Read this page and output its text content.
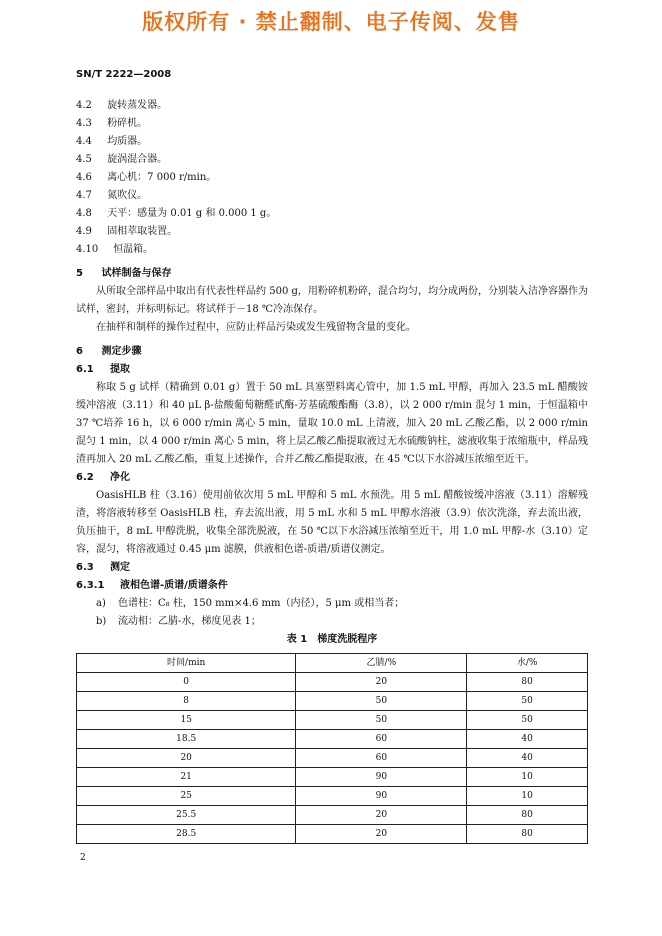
版权所有 · 禁止翻制、电子传阅、发售
SN/T 2222—2008
4.2 旋转蒸发器。
4.3 粉碎机。
4.4 均质器。
4.5 旋涡混合器。
4.6 离心机：7 000 r/min。
4.7 氮吹仪。
4.8 天平：感量为 0.01 g 和 0.000 1 g。
4.9 固相萃取装置。
4.10 恒温箱。
5 试样制备与保存

从所取全部样品中取出有代表性样品约 500 g，用粉碎机粉碎，混合均匀，均分成两份，分别装入洁净容器作为试样，密封，并标明标记。将试样于－18 ℃冷冻保存。

在抽样和制样的操作过程中，应防止样品污染或发生残留物含量的变化。

6 测定步骤
6.1 提取

称取 5 g 试样（精确到 0.01 g）置于 50 mL 具塞塑料离心管中，加 1.5 mL 甲醇，再加入 23.5 mL 醋酸铵缓冲溶液（3.11）和 40 μL β-盐酸葡萄糖醛甙酶-芳基硫酸酯酶（3.8），以 2 000 r/min 混匀 1 min，于恒温箱中 37 ℃培养 16 h，以 6 000 r/min 离心 5 min，量取 10.0 mL 上清液，加入 20 mL 乙酸乙酯，以 2 000 r/min 混匀 1 min，以 4 000 r/min 离心 5 min，将上层乙酸乙酯提取液过无水硫酸钠柱，滤液收集于浓缩瓶中，样品残渣再加入 20 mL 乙酸乙酯，重复上述操作，合并乙酸乙酯提取液，在 45 ℃以下水浴减压浓缩至近干。

6.2 净化

OasisHLB 柱（3.16）使用前依次用 5 mL 甲醇和 5 mL 水预洗。用 5 mL 醋酸铵缓冲溶液（3.11）溶解残渣，将溶液转移至 OasisHLB 柱，弃去流出液，用 5 mL 水和 5 mL 甲醇水溶液（3.9）依次洗涤，弃去流出液，负压抽干，8 mL 甲醇洗脱，收集全部洗脱液，在 50 ℃以下水浴减压浓缩至近干，用 1.0 mL 甲醇-水（3.10）定容，混匀，将溶液通过 0.45 μm 滤膜，供液相色谱-质谱/质谱仪测定。

6.3 测定
6.3.1 液相色谱-质谱/质谱条件
a) 色谱柱：C₈ 柱，150 mm×4.6 mm（内径），5 μm 或相当者；
b) 流动相：乙腈-水，梯度见表 1；
表 1　梯度洗脱程序
时间/min	乙腈/%	水/%
0	20	80
8	50	50
15	50	50
18.5	60	40
20	60	40
21	90	10
25	90	10
25.5	20	80
28.5	20	80
2
